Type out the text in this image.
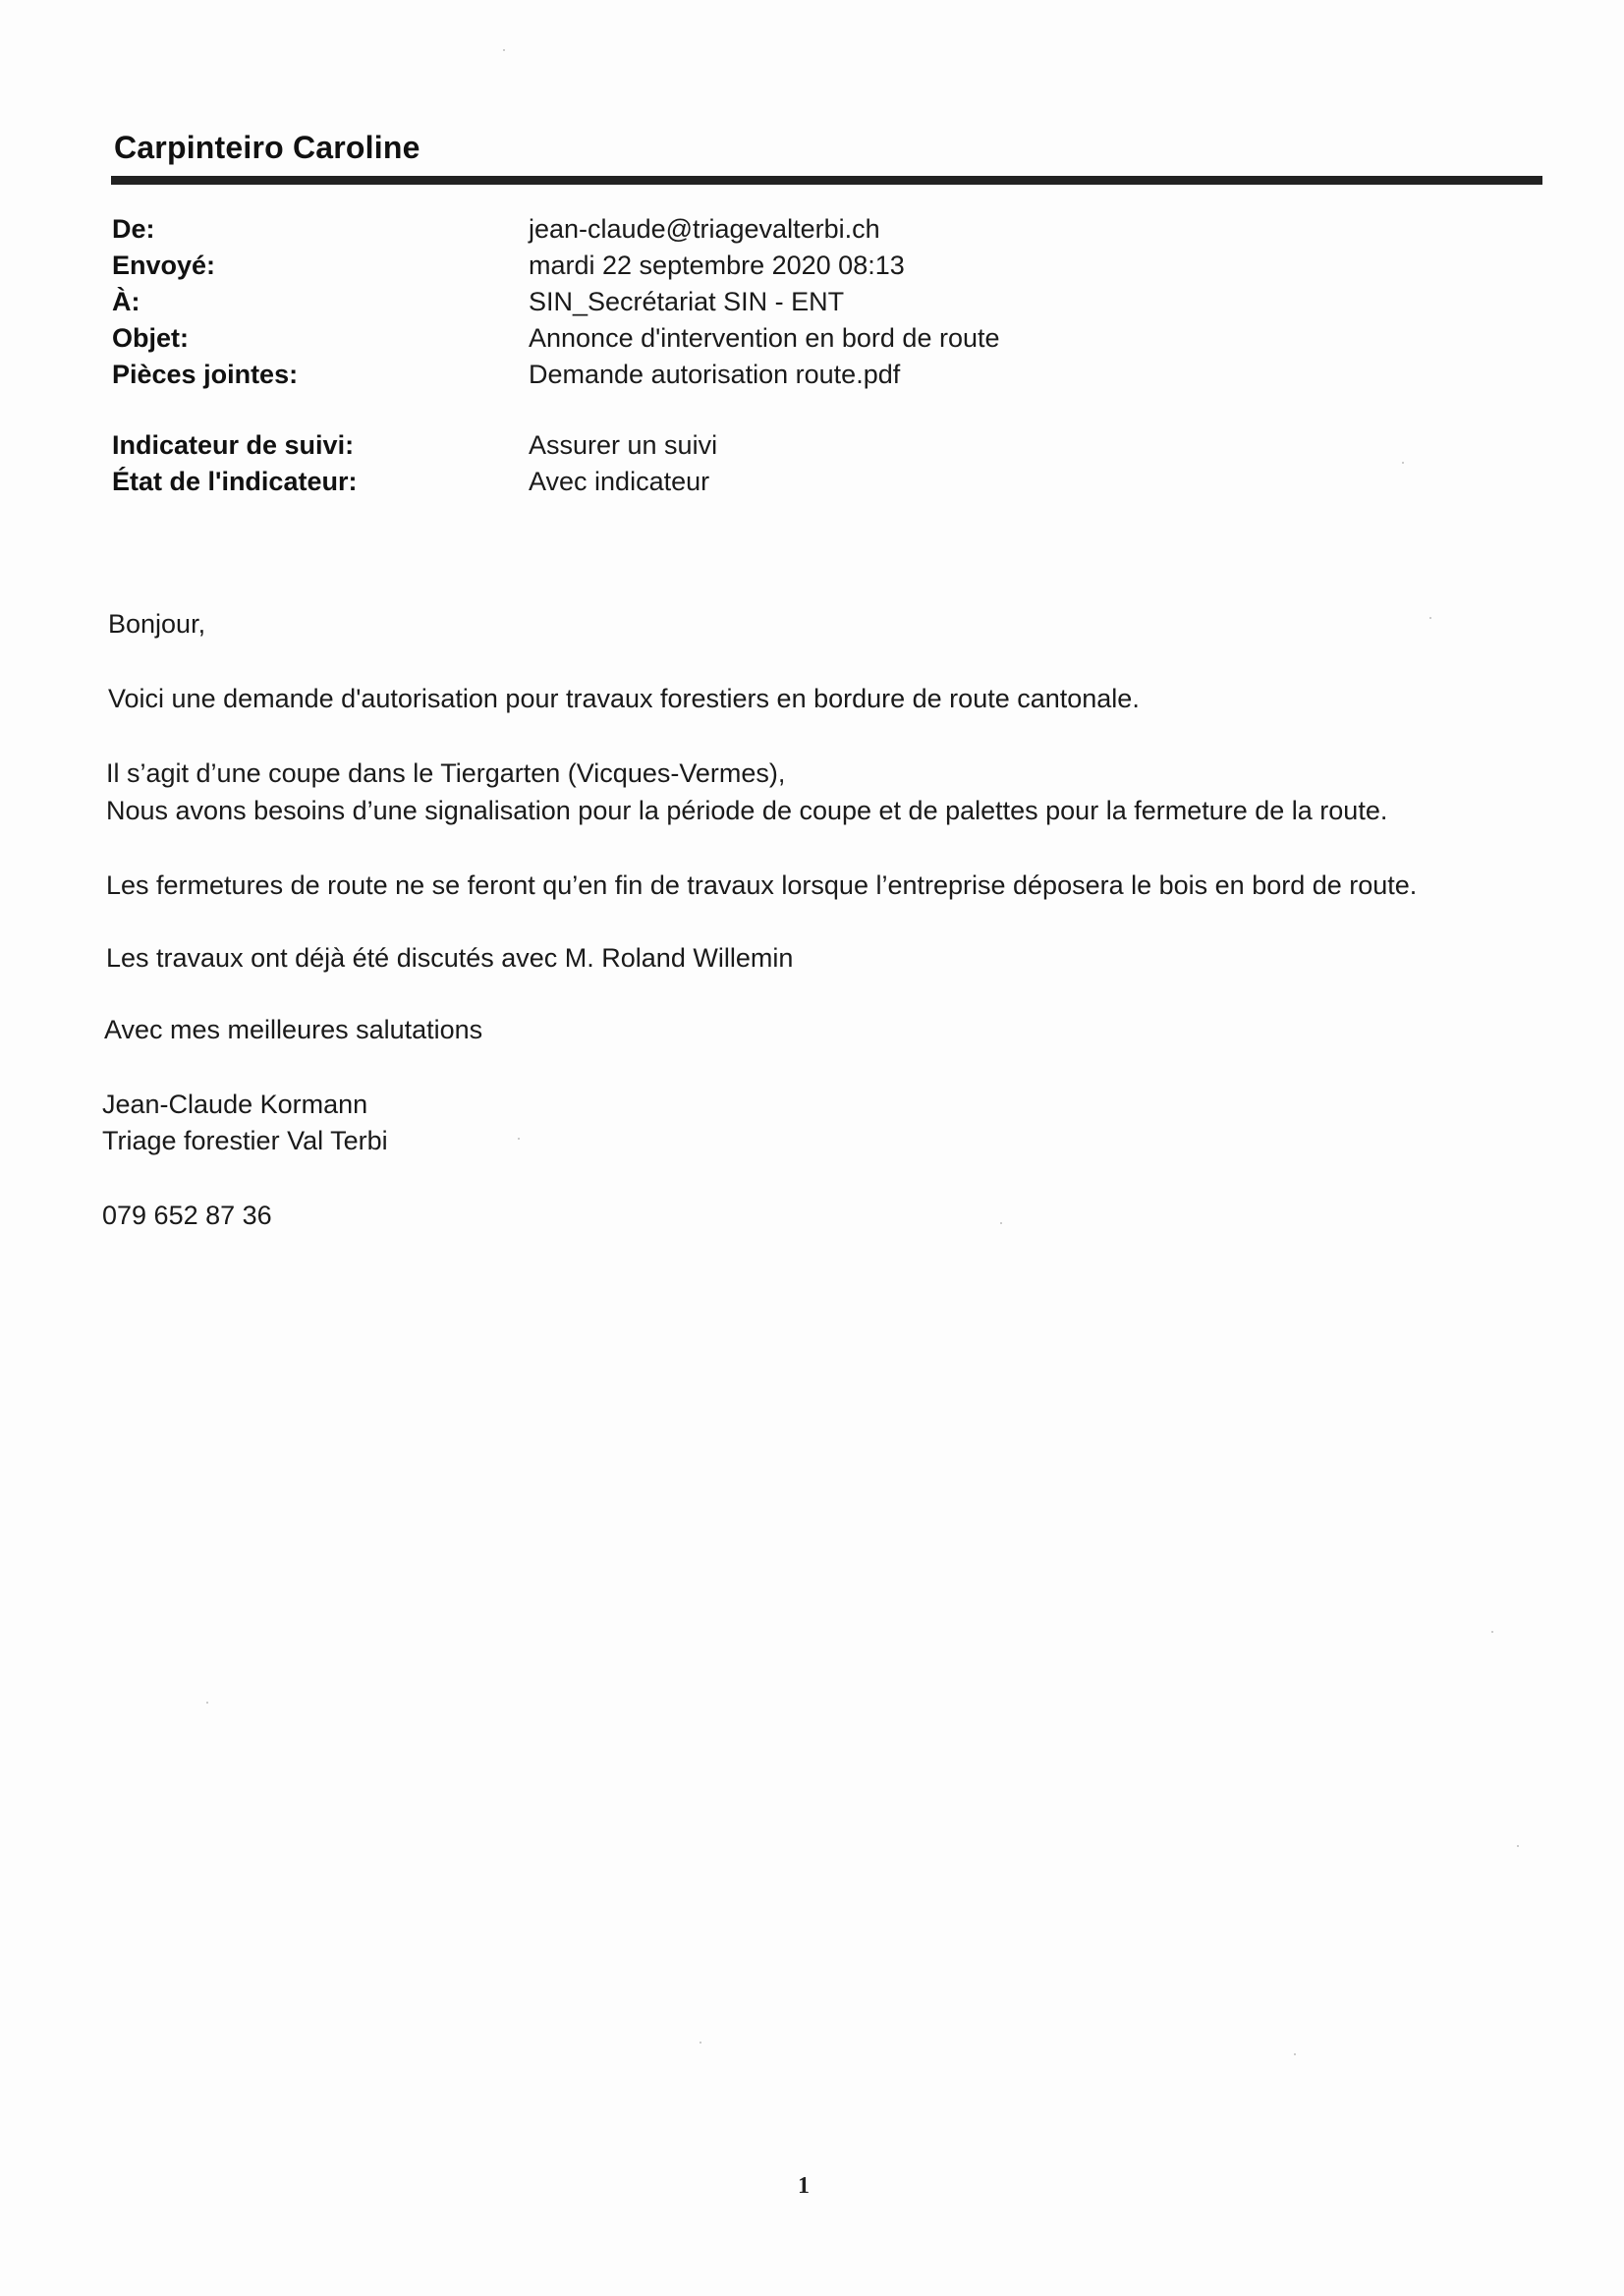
Carpinteiro Caroline
De:	jean-claude@triagevalterbi.ch
Envoyé:	mardi 22 septembre 2020 08:13
À:	SIN_Secrétariat SIN - ENT
Objet:	Annonce d'intervention en bord de route
Pièces jointes:	Demande autorisation route.pdf
Indicateur de suivi:	Assurer un suivi
État de l'indicateur:	Avec indicateur
Bonjour,
Voici une demande d'autorisation pour travaux forestiers en bordure de route cantonale.
Il s’agit d’une coupe dans le Tiergarten (Vicques-Vermes),
Nous avons besoins d’une signalisation pour la période de coupe et de palettes pour la fermeture de la route.
Les fermetures de route ne se feront qu’en fin de travaux lorsque l’entreprise déposera le bois en bord de route.
Les travaux ont déjà été discutés avec M. Roland Willemin
Avec mes meilleures salutations
Jean-Claude Kormann
Triage forestier Val Terbi
079 652 87 36
1
